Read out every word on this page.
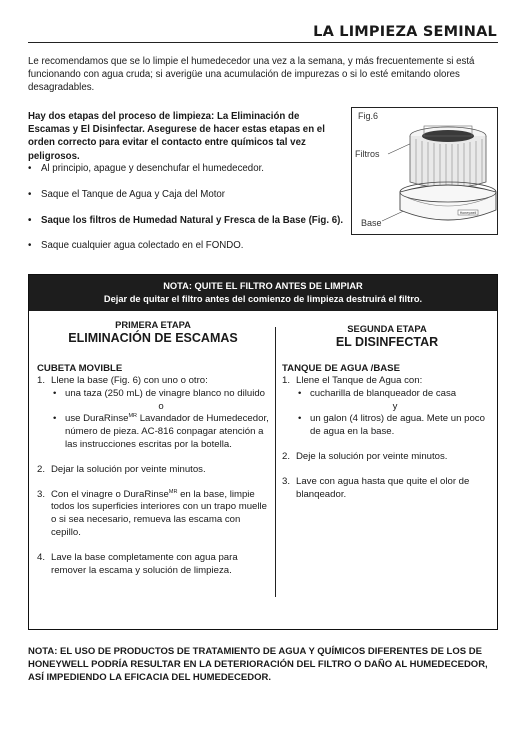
LA LIMPIEZA SEMINAL

Le recomendamos que se lo limpie el humedecedor una vez a la semana, y más frecuentemente si está funcionando con agua cruda; si averigüe una acumulación de impurezas o si lo esté emitando olores desagradables.

Hay dos etapas del proceso de limpieza: La Eliminación de Escamas y El Disinfectar. Asegurese de hacer estas etapas en el orden correcto para evitar el contacto entre químicos tal vez peligrosos.

• Al principio, apague y desenchufar el humedecedor.
• Saque el Tanque de Agua y Caja del Motor
• Saque los filtros de Humedad Natural y Fresca de la Base (Fig. 6).
• Saque cualquier agua colectado en el FONDO.
Fig.6
Filtros
Base
Honeywell
NOTA: QUITE EL FILTRO ANTES DE LIMPIAR
Dejar de quitar el filtro antes del comienzo de limpieza destruirá el filtro.
PRIMERA ETAPA
ELIMINACIÓN DE ESCAMAS
CUBETA MOVIBLE
1. Llene la base (Fig. 6) con uno o otro:
• una taza (250 mL) de vinagre blanco no diluido
o
• use DuraRinse$^{MR}$ Lavandador de Humedecedor, número de pieza. AC-816 conpagar atención a las instrucciones escritas por la botella.
2. Dejar la solución por veinte minutos.
3. Con el vinagre o DuraRinse$^{MR}$ en la base, limpie todos los superficies interiores con un trapo muelle o si sea necesario, remueva las escama con cepillo.
4. Lave la base completamente con agua para remover la escama y solución de limpieza.
SEGUNDA ETAPA
EL DISINFECTAR
TANQUE DE AGUA /BASE
1. Llene el Tanque de Agua con:
• cucharilla de blanqueador de casa
y
• un galon (4 litros) de agua. Mete un poco de agua en la base.
2. Deje la solución por veinte minutos.
3. Lave con agua hasta que quite el olor de blanqeador.

NOTA: EL USO DE PRODUCTOS DE TRATAMIENTO DE AGUA Y QUÍMICOS DIFERENTES DE LOS DE HONEYWELL PODRÍA RESULTAR EN LA DETERIORACIÓN DEL FILTRO O DAÑO AL HUMEDECEDOR, ASÍ IMPEDIENDO LA EFICACIA DEL HUMEDECEDOR.
